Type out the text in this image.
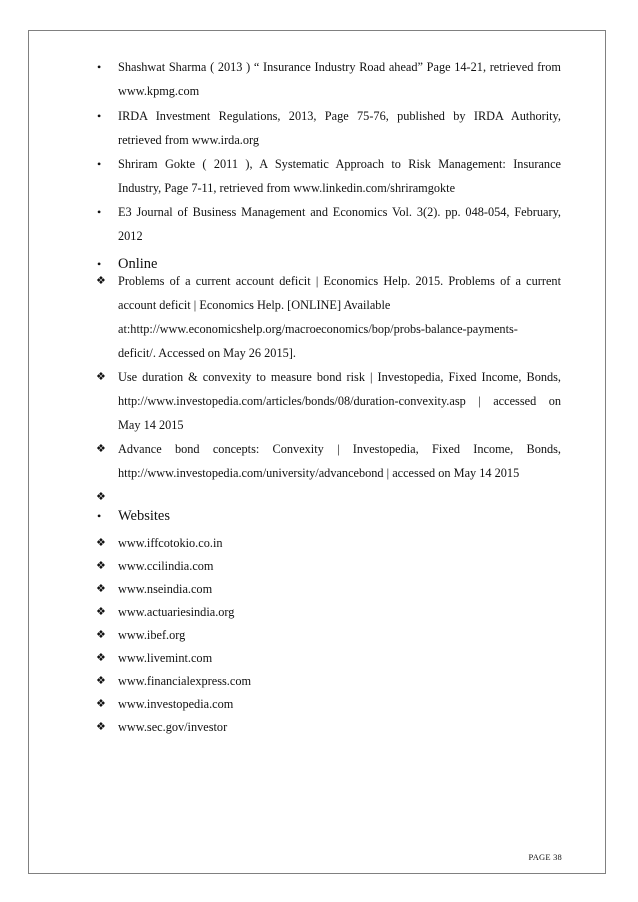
• Shashwat Sharma ( 2013 ) “ Insurance Industry Road ahead” Page 14-21, retrieved from
www.kpmg.com
• IRDA Investment Regulations, 2013, Page 75-76, published by IRDA Authority,
retrieved from www.irda.org
• Shriram Gokte ( 2011 ), A Systematic Approach to Risk Management: Insurance
Industry, Page 7-11, retrieved from www.linkedin.com/shriramgokte
• E3 Journal of Business Management and Economics Vol. 3(2). pp. 048-054, February,
2012
• Online
❖ Problems of a current account deficit | Economics Help. 2015. Problems of a current
account deficit | Economics Help. [ONLINE] Available
at:http://www.economicshelp.org/macroeconomics/bop/probs-balance-payments-
deficit/. Accessed on May 26 2015].
❖ Use duration & convexity to measure bond risk | Investopedia, Fixed Income, Bonds,
http://www.investopedia.com/articles/bonds/08/duration-convexity.asp | accessed on
May 14 2015
❖ Advance bond concepts: Convexity | Investopedia, Fixed Income, Bonds,
http://www.investopedia.com/university/advancebond | accessed on May 14 2015
❖
• Websites
❖ www.iffcotokio.co.in
❖ www.ccilindia.com
❖ www.nseindia.com
❖ www.actuariesindia.org
❖ www.ibef.org
❖ www.livemint.com
❖ www.financialexpress.com
❖ www.investopedia.com
❖ www.sec.gov/investor
PAGE 38
